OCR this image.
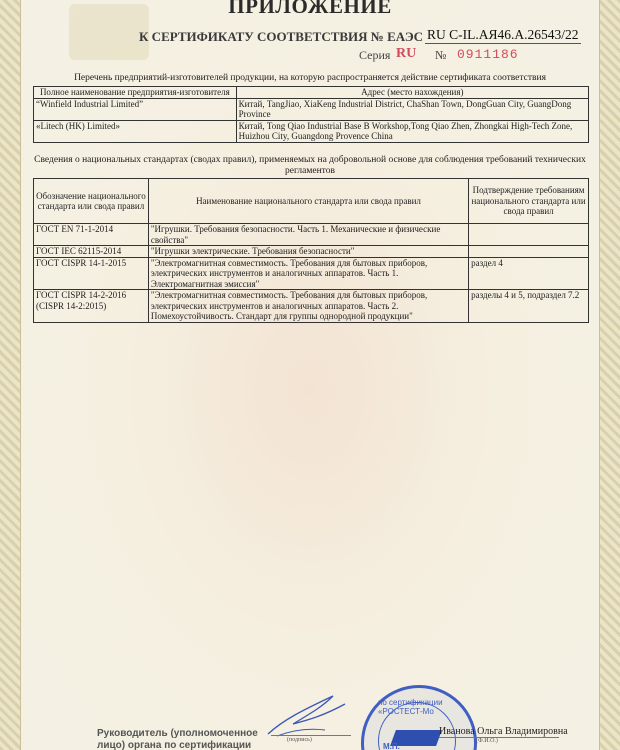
ПРИЛОЖЕНИЕ
К СЕРТИФИКАТУ СООТВЕТСТВИЯ № ЕАЭС RU C-IL.АЯ46.А.26543/22
Серия RU № 0911186
Перечень предприятий-изготовителей продукции, на которую распространяется действие сертификата соответствия
Полное наименование предприятия-изготовителя	Адрес (место нахождения)
“Winfield Industrial Limited”	Китай, TangJiao, XiaKeng Industrial District, ChaShan Town, DongGuan City, GuangDong Province
«Litech (HK) Limited»	Китай, Tong Qiao Industrial Base B Workshop,Tong Qiao Zhen, Zhongkai High-Tech Zone, Huizhou City, Guangdong Provence China
Сведения о национальных стандартах (сводах правил), применяемых на добровольной основе для соблюдения требований технических регламентов
Обозначение национального стандарта или свода правил	Наименование национального стандарта или свода правил	Подтверждение требованиям национального стандарта или свода правил
ГОСТ EN 71-1-2014	"Игрушки. Требования безопасности. Часть 1. Механические и физические свойства"	
ГОСТ IEC 62115-2014	"Игрушки электрические. Требования безопасности"	
ГОСТ CISPR 14-1-2015	"Электромагнитная совместимость. Требования для бытовых приборов, электрических инструментов и аналогичных аппаратов. Часть 1. Электромагнитная эмиссия"	раздел 4
ГОСТ CISPR 14-2-2016 (CISPR 14-2:2015)	"Электромагнитная совместимость. Требования для бытовых приборов, электрических инструментов и аналогичных аппаратов. Часть 2. Помехоустойчивость. Стандарт для группы однородной продукции"	разделы 4 и 5, подраздел 7.2
Руководитель (уполномоченное
лицо) органа по сертификации	(подпись)
по сертификации «РОСТЕСТ-Мо
М.П.
Иванова Ольга Владимировна
(Ф.И.О.)
